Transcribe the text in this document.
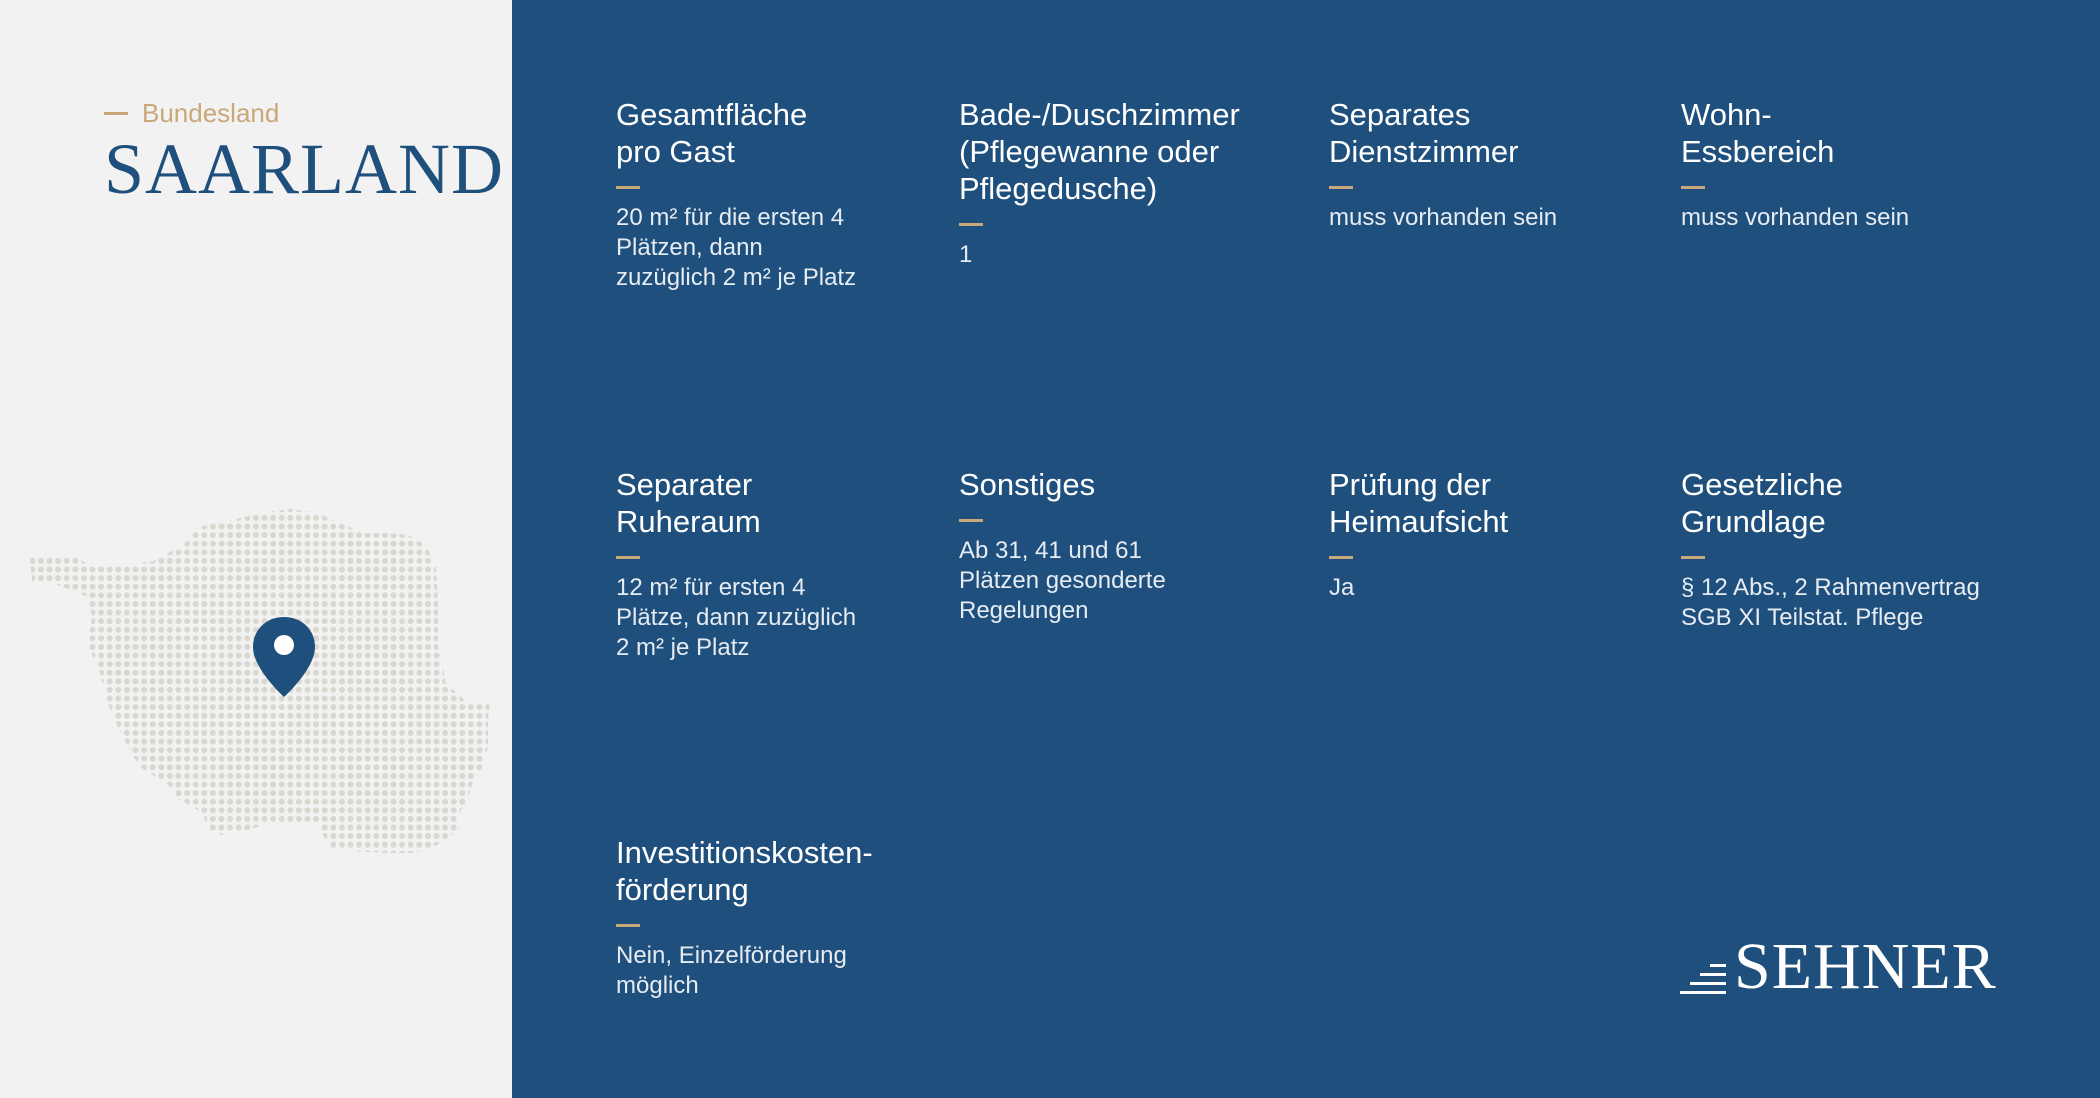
Bundesland
SAARLAND
Gesamtfläche
pro Gast

20 m² für die ersten 4
Plätzen, dann
zuzüglich 2 m² je Platz

Bade-/Duschzimmer
(Pflegewanne oder
Pflegedusche)

1

Separates
Dienstzimmer

muss vorhanden sein

Wohn-
Essbereich

muss vorhanden sein

Separater
Ruheraum

12 m² für ersten 4
Plätze, dann zuzüglich
2 m² je Platz

Sonstiges

Ab 31, 41 und 61
Plätzen gesonderte
Regelungen

Prüfung der
Heimaufsicht

Ja

Gesetzliche
Grundlage

§ 12 Abs., 2 Rahmenvertrag
SGB XI Teilstat. Pflege

Investitionskosten-
förderung

Nein, Einzelförderung
möglich	SEHNER
